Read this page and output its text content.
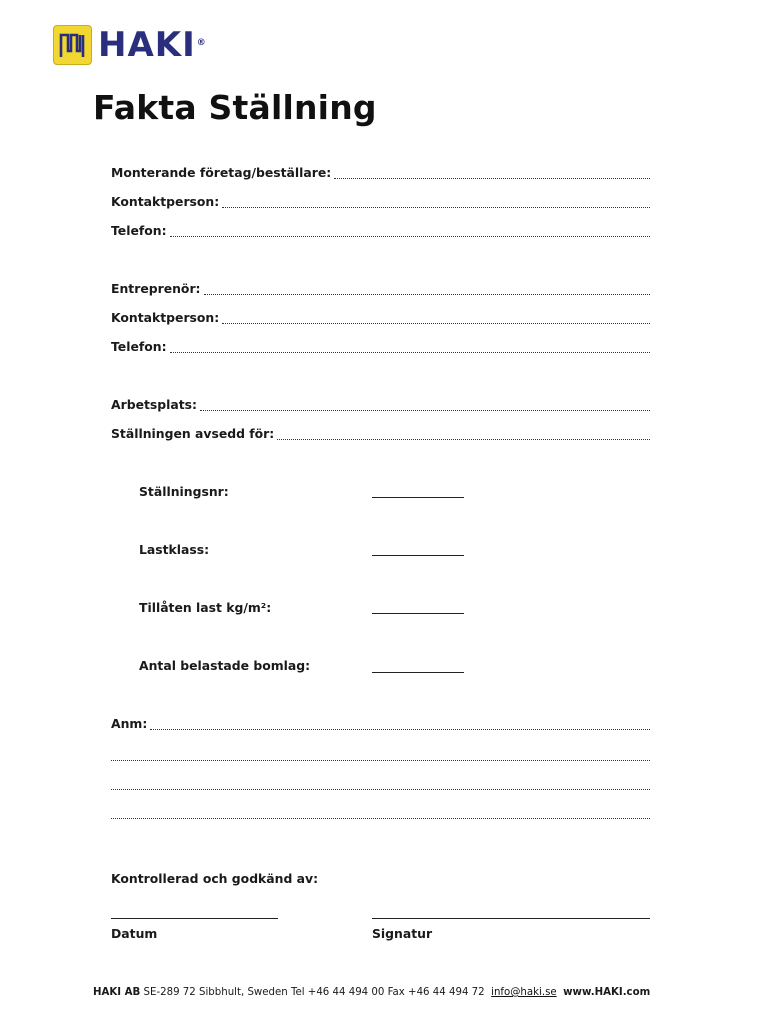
HAKI®
Fakta Ställning
Monterande företag/beställare:
Kontaktperson:
Telefon:
Entreprenör:
Kontaktperson:
Telefon:
Arbetsplats:
Ställningen avsedd för:
Ställningsnr:
Lastklass:
Tillåten last kg/m²:
Antal belastade bomlag:
Anm:
Kontrollerad och godkänd av:
Datum	Signatur
HAKI AB SE-289 72 Sibbhult, Sweden Tel +46 44 494 00 Fax +46 44 494 72 info@haki.se www.HAKI.com
